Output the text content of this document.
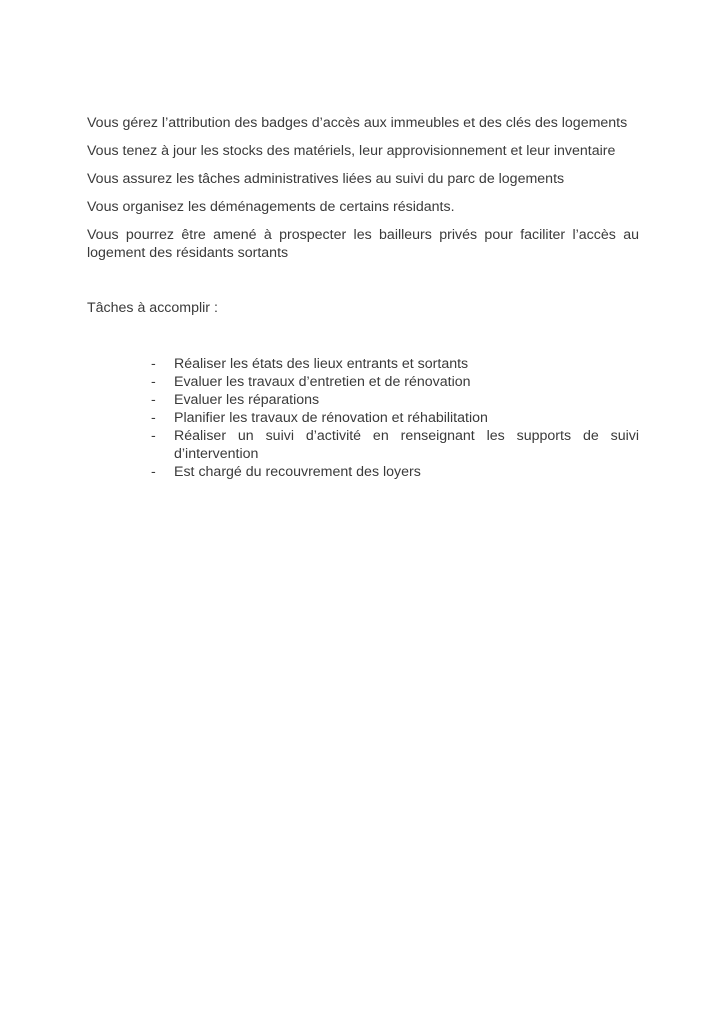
Vous gérez l’attribution des badges d’accès aux immeubles et des clés des logements

Vous tenez à jour les stocks des matériels, leur approvisionnement et leur inventaire

Vous assurez les tâches administratives liées au suivi du parc de logements

Vous organisez les déménagements de certains résidants.

Vous pourrez être amené à prospecter les bailleurs privés pour faciliter l’accès au logement des résidants sortants

Tâches à accomplir :
- Réaliser les états des lieux entrants et sortants
- Evaluer les travaux d’entretien et de rénovation
- Evaluer les réparations
- Planifier les travaux de rénovation et réhabilitation
- Réaliser un suivi d’activité en renseignant les supports de suivi d’intervention
- Est chargé du recouvrement des loyers
